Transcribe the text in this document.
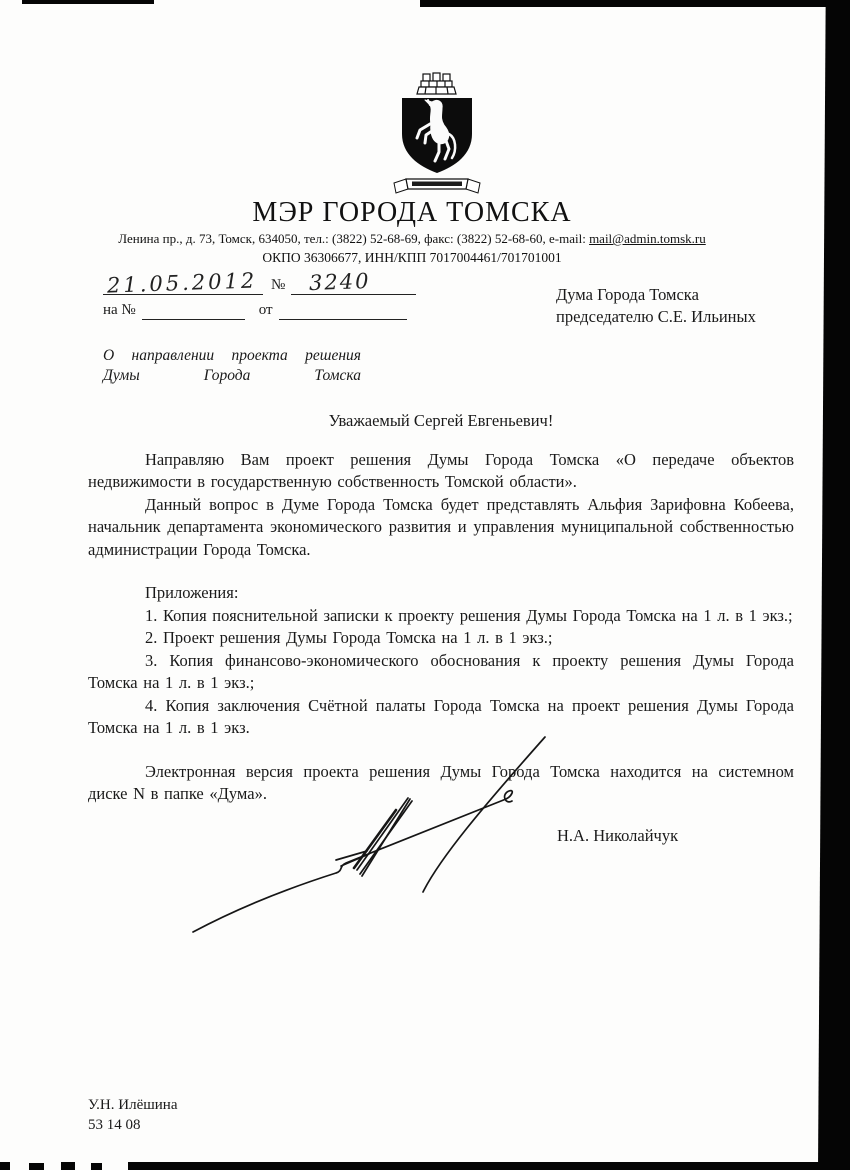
МЭР ГОРОДА ТОМСКА
Ленина пр., д. 73, Томск, 634050, тел.: (3822) 52-68-69, факс: (3822) 52-68-60, e-mail: mail@admin.tomsk.ru
ОКПО 36306677, ИНН/КПП 7017004461/701701001
21.05.2012 № 3240
на №	от
Дума Города Томска
председателю С.Е. Ильиных
О направлении проекта решения
Думы Города Томска

Уважаемый Сергей Евгеньевич!

Направляю Вам проект решения Думы Города Томска «О передаче объектов недвижимости в государственную собственность Томской области».

Данный вопрос в Думе Города Томска будет представлять Альфия Зарифовна Кобеева, начальник департамента экономического развития и управления муниципальной собственностью администрации Города Томска.

Приложения:

1. Копия пояснительной записки к проекту решения Думы Города Томска на 1 л. в 1 экз.;

2. Проект решения Думы Города Томска на 1 л. в 1 экз.;

3. Копия финансово-экономического обоснования к проекту решения Думы Города Томска на 1 л. в 1 экз.;

4. Копия заключения Счётной палаты Города Томска на проект решения Думы Города Томска на 1 л. в 1 экз.

Электронная версия проекта решения Думы Города Томска находится на системном диске N в папке «Дума».

Н.А. Николайчук
У.Н. Илёшина
53 14 08
